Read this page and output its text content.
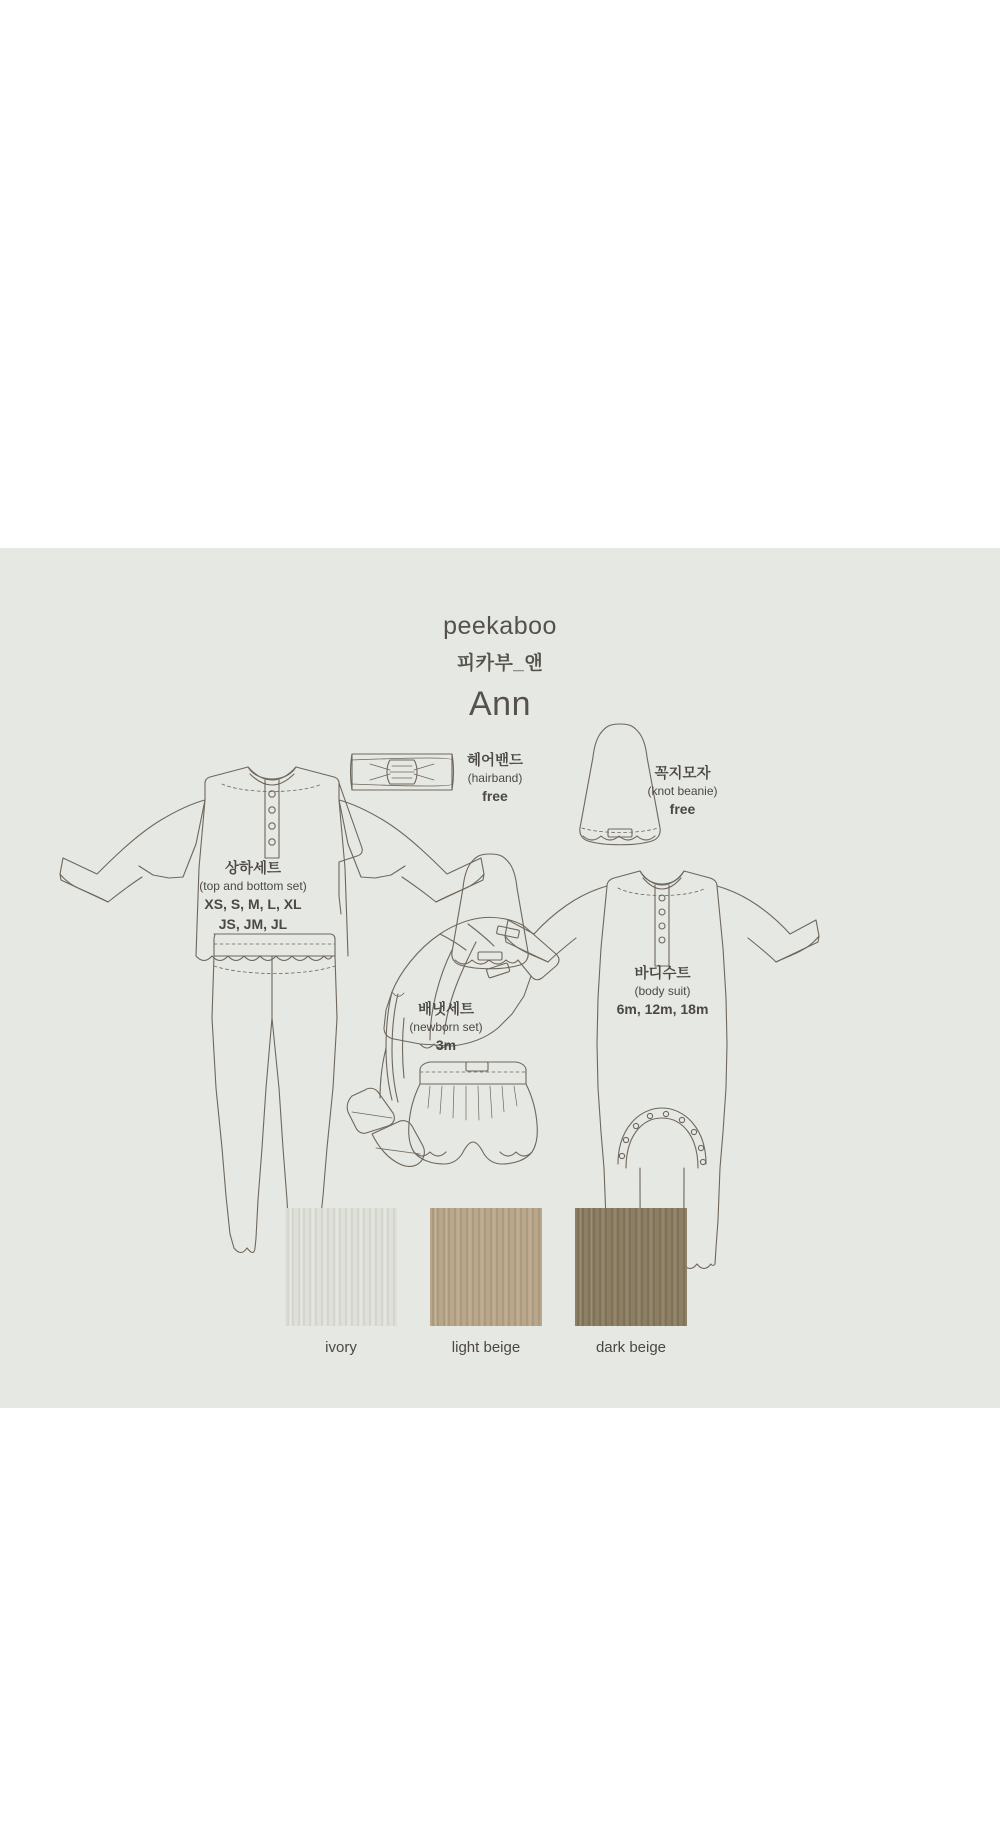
peekaboo
피카부_앤
Ann
상하세트
(top and bottom set)
XS, S, M, L, XL
JS, JM, JL
헤어밴드
(hairband)
free
꼭지모자
(knot beanie)
free
배냇세트
(newborn set)
3m
바디수트
(body suit)
6m, 12m, 18m
ivory	light beige	dark beige
